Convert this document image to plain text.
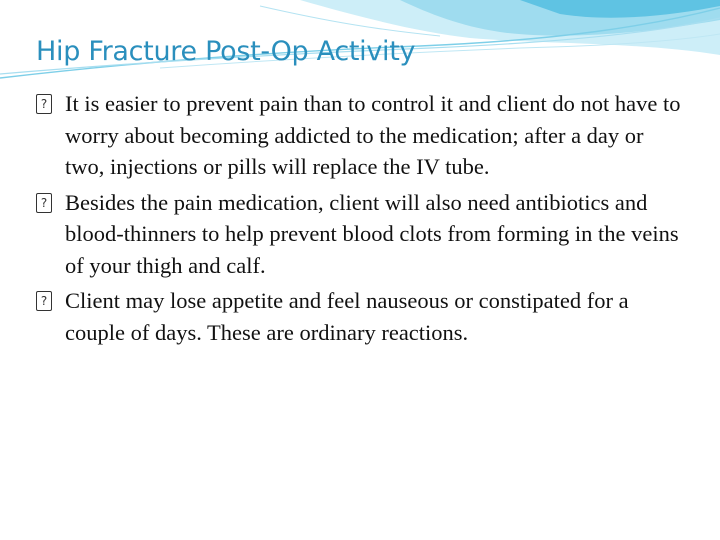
Hip Fracture Post-Op Activity
? It is easier to prevent pain than to control it and client do not have to worry about becoming addicted to the medication; after a day or two, injections or pills will replace the IV tube.
? Besides the pain medication, client will also need antibiotics and blood-thinners to help prevent blood clots from forming in the veins of your thigh and calf.
? Client may lose appetite and feel nauseous or constipated for a couple of days. These are ordinary reactions.
